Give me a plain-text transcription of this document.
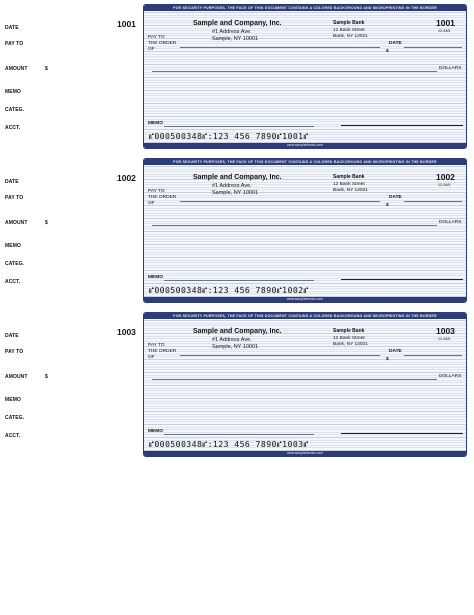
1001
DATE
PAY TO
AMOUNT	$
MEMO
CATEG.
ACCT.
FOR SECURITY PURPOSES, THE FACE OF THIS DOCUMENT CONTAINS A COLORED BACKGROUND AND MICROPRINTING IN THE BORDER
Sample and Company, Inc.
#1 Address Ave.
Sample, NY 10001
Sample Bank
12 Bank Street
Bank, NY 13021
1001
12-34/5
PAY TO
THE ORDER
OF
DATE
$
DOLLARS
MEMO
⑈000500348⑈:123 456 7890⑈1001⑈
www.samplechecks.com
1002
DATE
PAY TO
AMOUNT	$
MEMO
CATEG.
ACCT.
FOR SECURITY PURPOSES, THE FACE OF THIS DOCUMENT CONTAINS A COLORED BACKGROUND AND MICROPRINTING IN THE BORDER
Sample and Company, Inc.
#1 Address Ave.
Sample, NY 10001
Sample Bank
12 Bank Street
Bank, NY 13021
1002
12-34/5
PAY TO
THE ORDER
OF
DATE
$
DOLLARS
MEMO
⑈000500348⑈:123 456 7890⑈1002⑈
www.samplechecks.com
1003
DATE
PAY TO
AMOUNT	$
MEMO
CATEG.
ACCT.
FOR SECURITY PURPOSES, THE FACE OF THIS DOCUMENT CONTAINS A COLORED BACKGROUND AND MICROPRINTING IN THE BORDER
Sample and Company, Inc.
#1 Address Ave.
Sample, NY 10001
Sample Bank
12 Bank Street
Bank, NY 13021
1003
12-34/5
PAY TO
THE ORDER
OF
DATE
$
DOLLARS
MEMO
⑈000500348⑈:123 456 7890⑈1003⑈
www.samplechecks.com
